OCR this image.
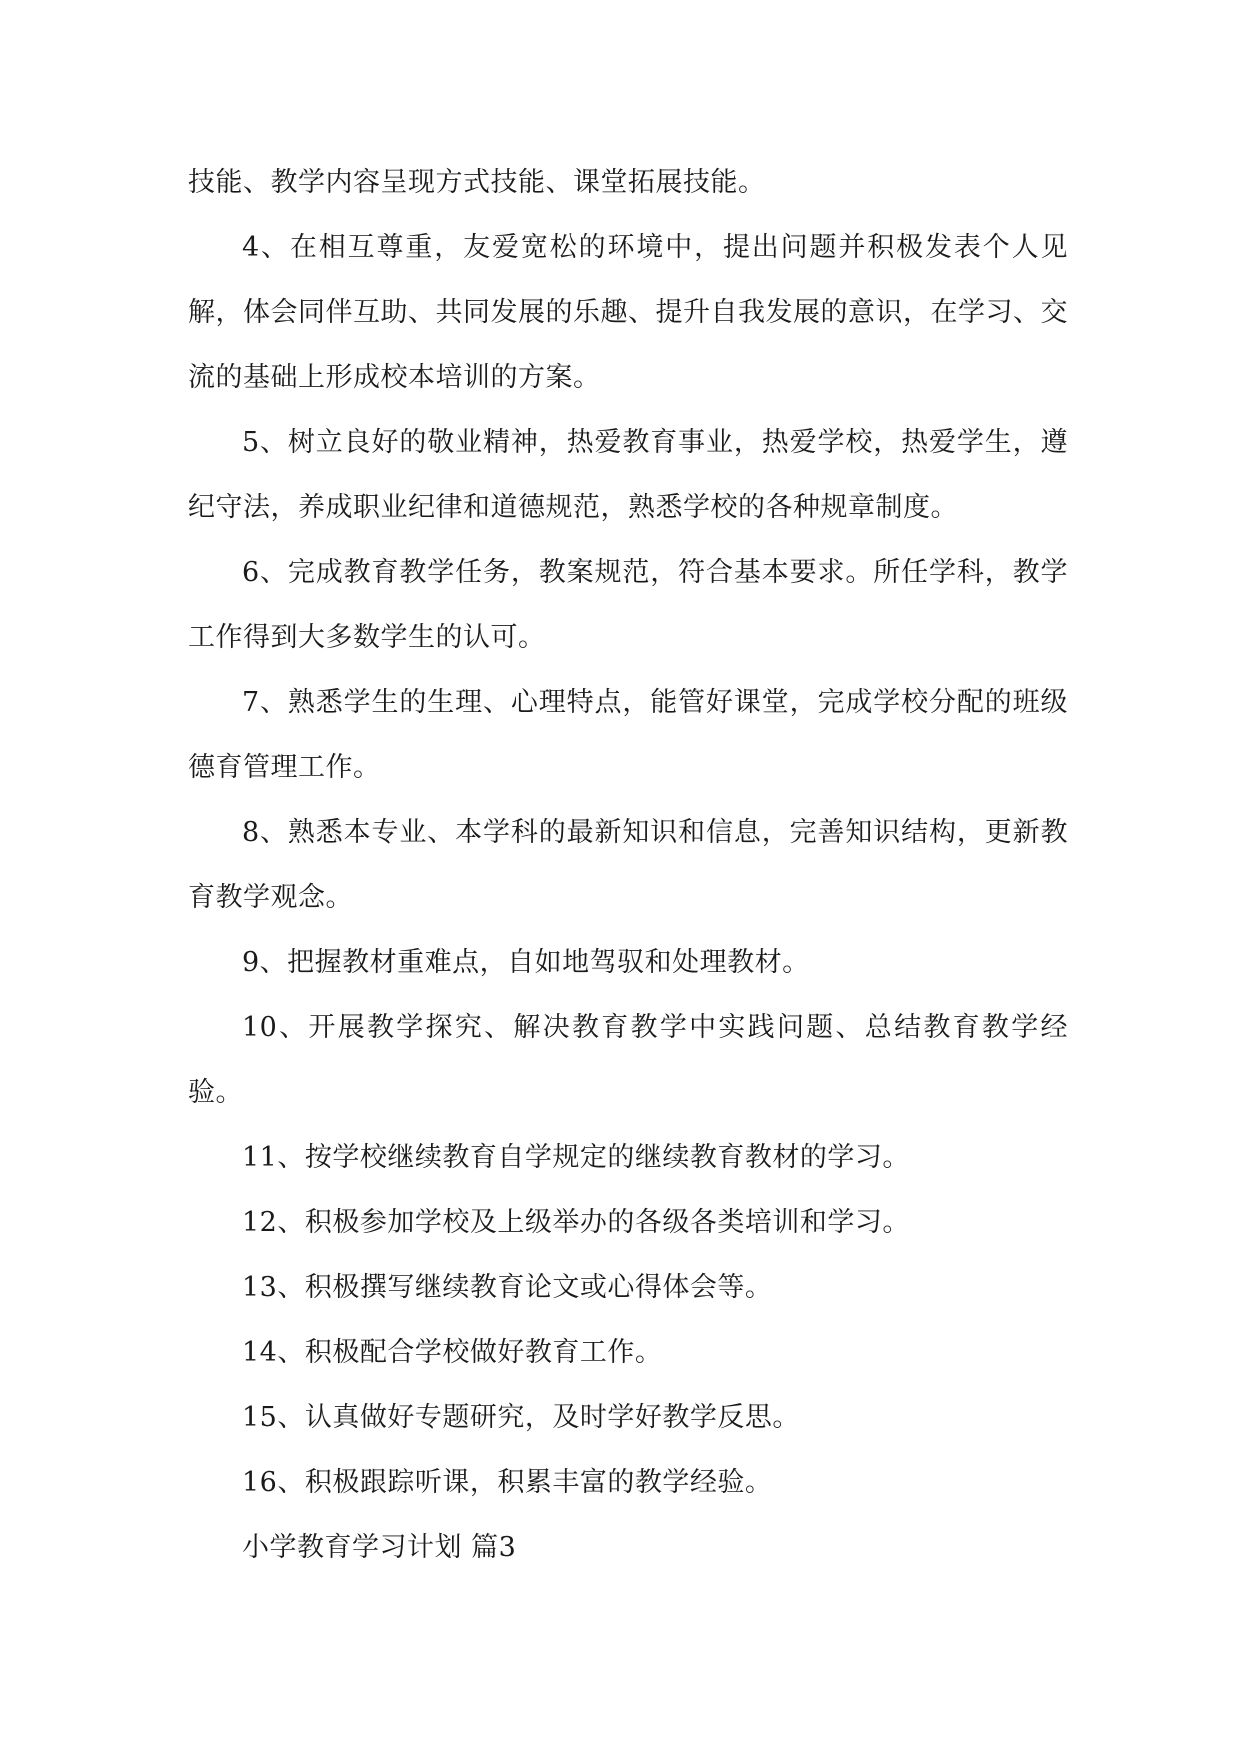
技能、教学内容呈现方式技能、课堂拓展技能。

4、在相互尊重，友爱宽松的环境中，提出问题并积极发表个人见解，体会同伴互助、共同发展的乐趣、提升自我发展的意识，在学习、交流的基础上形成校本培训的方案。

5、树立良好的敬业精神，热爱教育事业，热爱学校，热爱学生，遵纪守法，养成职业纪律和道德规范，熟悉学校的各种规章制度。

6、完成教育教学任务，教案规范，符合基本要求。所任学科，教学工作得到大多数学生的认可。

7、熟悉学生的生理、心理特点，能管好课堂，完成学校分配的班级德育管理工作。

8、熟悉本专业、本学科的最新知识和信息，完善知识结构，更新教育教学观念。

9、把握教材重难点，自如地驾驭和处理教材。

10、开展教学探究、解决教育教学中实践问题、总结教育教学经验。

11、按学校继续教育自学规定的继续教育教材的学习。

12、积极参加学校及上级举办的各级各类培训和学习。

13、积极撰写继续教育论文或心得体会等。

14、积极配合学校做好教育工作。

15、认真做好专题研究，及时学好教学反思。

16、积极跟踪听课，积累丰富的教学经验。

小学教育学习计划 篇3
